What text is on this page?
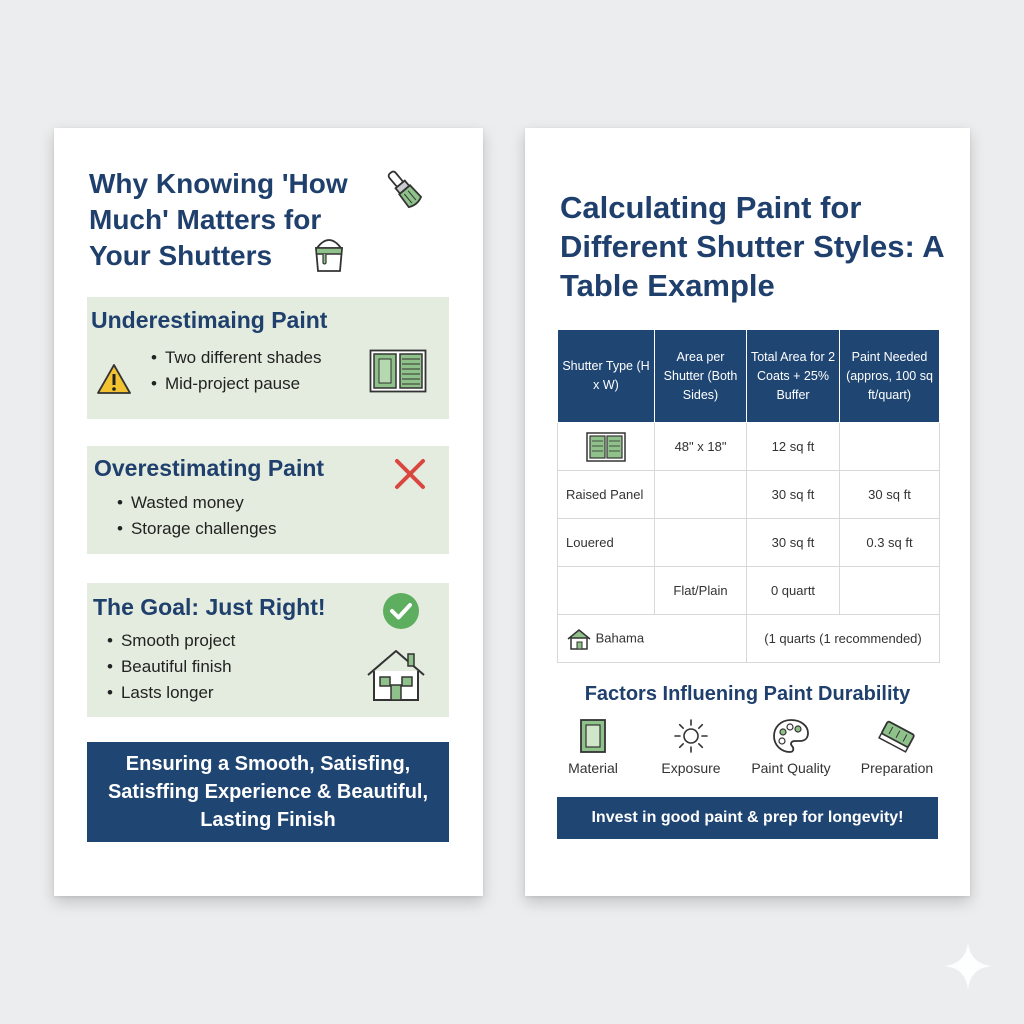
Why Knowing 'How Much' Matters for Your Shutters
Underestimaing Paint
• Two different shades
• Mid-project pause
Overestimating Paint
• Wasted money
• Storage challenges
The Goal: Just Right!
• Smooth project
• Beautiful finish
• Lasts longer
Ensuring a Smooth, Satisfing, Satisffing Experience & Beautiful, Lasting Finish
Calculating Paint for Different Shutter Styles: A Table Example
Shutter Type (H x W)	Area per Shutter (Both Sides)	Total Area for 2 Coats + 25% Buffer	Paint Needed (appros, 100 sq ft/quart)
	48" x 18"	12 sq ft	
Raised Panel		30 sq ft	30 sq ft
Louered		30 sq ft	0.3 sq ft
	Flat/Plain	0 quartt	
Bahama		(1 quarts (1 recommended)	
Factors Influening Paint Durability
Material	Exposure	Paint Quality	Preparation
Invest in good paint & prep for longevity!
